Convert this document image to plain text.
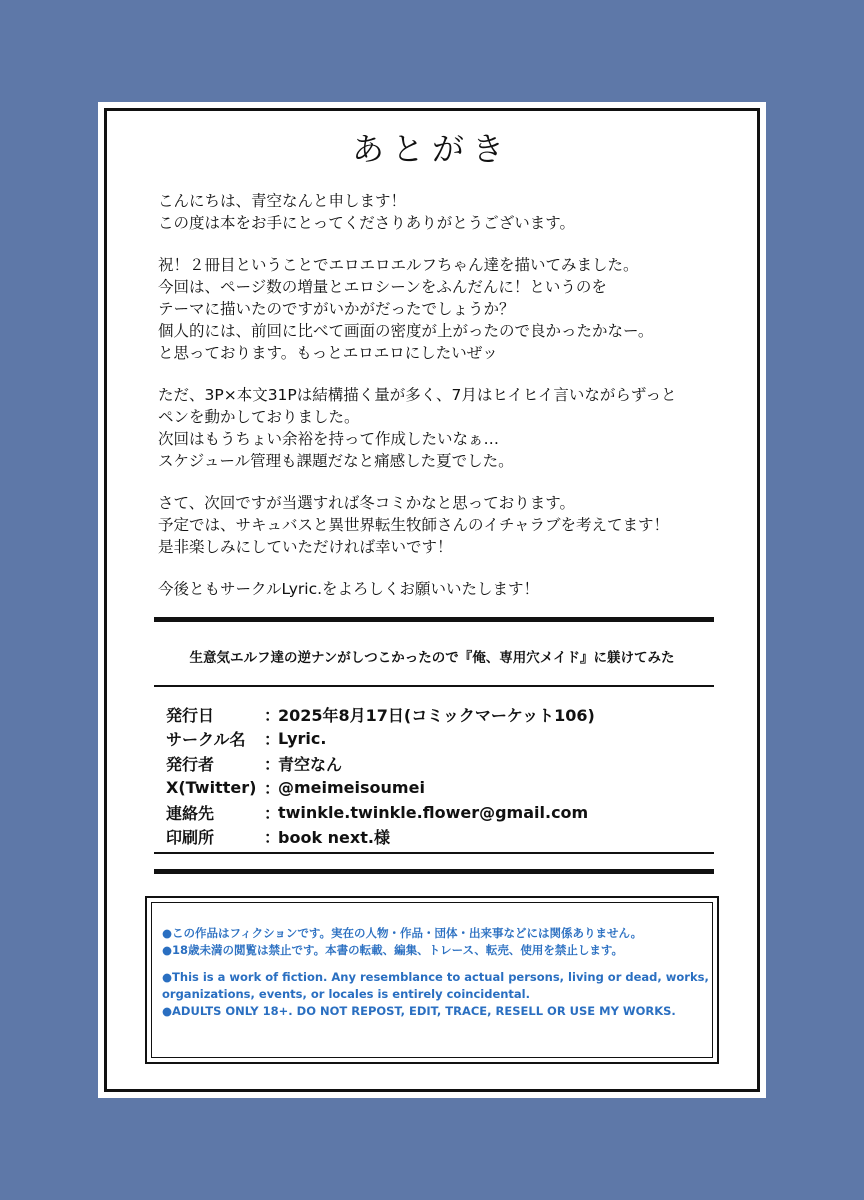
あとがき
こんにちは、青空なんと申します！
この度は本をお手にとってくださりありがとうございます。
祝！２冊目ということでエロエロエルフちゃん達を描いてみました。
今回は、ページ数の増量とエロシーンをふんだんに！というのを
テーマに描いたのですがいかがだったでしょうか？
個人的には、前回に比べて画面の密度が上がったので良かったかなー。
と思っております。もっとエロエロにしたいぜッ
ただ、3P×本文31Pは結構描く量が多く、7月はヒイヒイ言いながらずっと
ペンを動かしておりました。
次回はもうちょい余裕を持って作成したいなぁ…
スケジュール管理も課題だなと痛感した夏でした。
さて、次回ですが当選すれば冬コミかなと思っております。
予定では、サキュバスと異世界転生牧師さんのイチャラブを考えてます！
是非楽しみにしていただければ幸いです！
今後ともサークルLyric.をよろしくお願いいたします！
生意気エルフ達の逆ナンがしつこかったので『俺、専用穴メイド』に躾けてみた
発行日	：
2025年8月17日(コミックマーケット106)
サークル名	：
Lyric.
発行者	：
青空なん
X(Twitter) ：
@meimeisoumei
連絡先	：
twinkle.twinkle.flower@gmail.com
印刷所	：
book next.様
●この作品はフィクションです。実在の人物・作品・団体・出来事などには関係ありません。
●18歳未満の閲覧は禁止です。本書の転載、編集、トレース、転売、使用を禁止します。
●This is a work of fiction. Any resemblance to actual persons, living or dead, works,
organizations, events, or locales is entirely coincidental.
●ADULTS ONLY 18+. DO NOT REPOST, EDIT, TRACE, RESELL OR USE MY WORKS.
